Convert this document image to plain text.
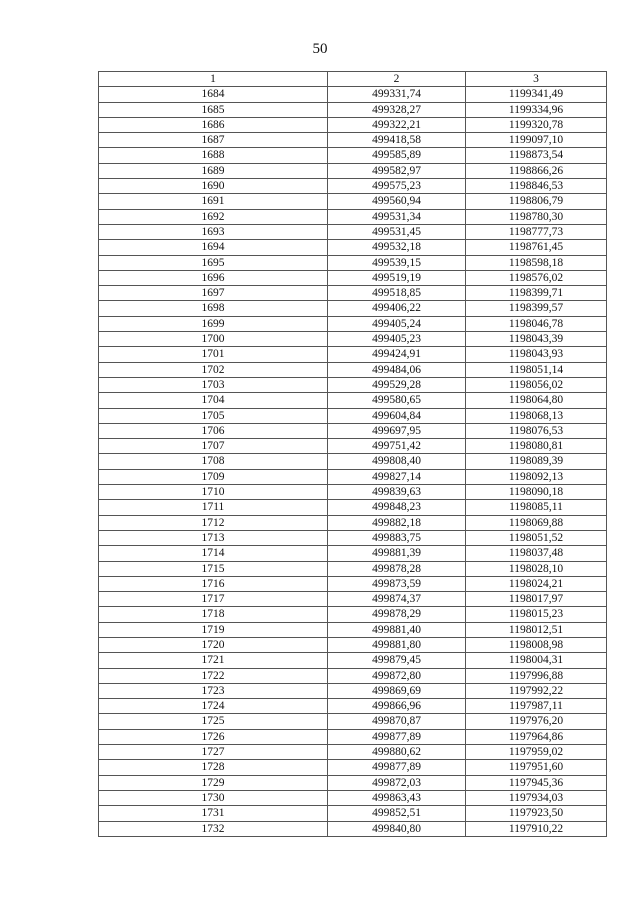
50
1	2	3
1684	499331,74	1199341,49
1685	499328,27	1199334,96
1686	499322,21	1199320,78
1687	499418,58	1199097,10
1688	499585,89	1198873,54
1689	499582,97	1198866,26
1690	499575,23	1198846,53
1691	499560,94	1198806,79
1692	499531,34	1198780,30
1693	499531,45	1198777,73
1694	499532,18	1198761,45
1695	499539,15	1198598,18
1696	499519,19	1198576,02
1697	499518,85	1198399,71
1698	499406,22	1198399,57
1699	499405,24	1198046,78
1700	499405,23	1198043,39
1701	499424,91	1198043,93
1702	499484,06	1198051,14
1703	499529,28	1198056,02
1704	499580,65	1198064,80
1705	499604,84	1198068,13
1706	499697,95	1198076,53
1707	499751,42	1198080,81
1708	499808,40	1198089,39
1709	499827,14	1198092,13
1710	499839,63	1198090,18
1711	499848,23	1198085,11
1712	499882,18	1198069,88
1713	499883,75	1198051,52
1714	499881,39	1198037,48
1715	499878,28	1198028,10
1716	499873,59	1198024,21
1717	499874,37	1198017,97
1718	499878,29	1198015,23
1719	499881,40	1198012,51
1720	499881,80	1198008,98
1721	499879,45	1198004,31
1722	499872,80	1197996,88
1723	499869,69	1197992,22
1724	499866,96	1197987,11
1725	499870,87	1197976,20
1726	499877,89	1197964,86
1727	499880,62	1197959,02
1728	499877,89	1197951,60
1729	499872,03	1197945,36
1730	499863,43	1197934,03
1731	499852,51	1197923,50
1732	499840,80	1197910,22
